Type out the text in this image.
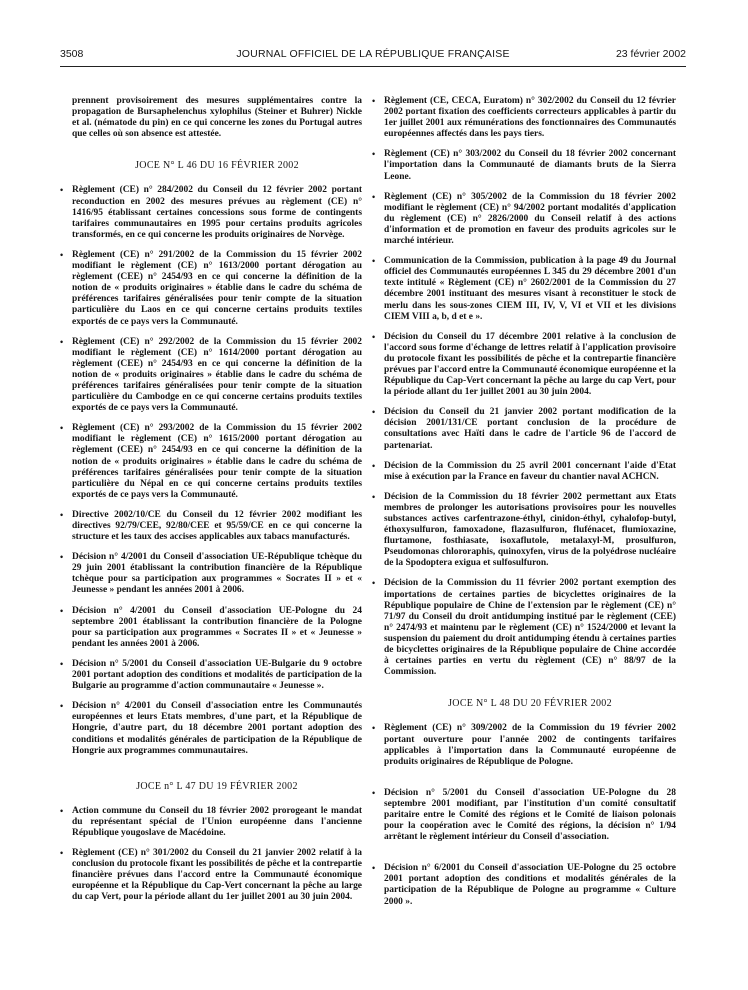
3508	JOURNAL OFFICIEL DE LA RÉPUBLIQUE FRANÇAISE	23 février 2002
prennent provisoirement des mesures supplémentaires contre la propagation de Bursaphelenchus xylophilus (Steiner et Buhrer) Nickle et al. (nématode du pin) en ce qui concerne les zones du Portugal autres que celles où son absence est attestée.
JOCE N° L 46 DU 16 FÉVRIER 2002
• Règlement (CE) n° 284/2002 du Conseil du 12 février 2002 portant reconduction en 2002 des mesures prévues au règlement (CE) n° 1416/95 établissant certaines concessions sous forme de contingents tarifaires communautaires en 1995 pour certains produits agricoles transformés, en ce qui concerne les produits originaires de Norvège.
• Règlement (CE) n° 291/2002 de la Commission du 15 février 2002 modifiant le règlement (CE) n° 1613/2000 portant dérogation au règlement (CEE) n° 2454/93 en ce qui concerne la définition de la notion de « produits originaires » établie dans le cadre du schéma de préférences tarifaires généralisées pour tenir compte de la situation particulière du Laos en ce qui concerne certains produits textiles exportés de ce pays vers la Communauté.
• Règlement (CE) n° 292/2002 de la Commission du 15 février 2002 modifiant le règlement (CE) n° 1614/2000 portant dérogation au règlement (CEE) n° 2454/93 en ce qui concerne la définition de la notion de « produits originaires » établie dans le cadre du schéma de préférences tarifaires généralisées pour tenir compte de la situation particulière du Cambodge en ce qui concerne certains produits textiles exportés de ce pays vers la Communauté.
• Règlement (CE) n° 293/2002 de la Commission du 15 février 2002 modifiant le règlement (CE) n° 1615/2000 portant dérogation au règlement (CEE) n° 2454/93 en ce qui concerne la définition de la notion de « produits originaires » établie dans le cadre du schéma de préférences tarifaires généralisées pour tenir compte de la situation particulière du Népal en ce qui concerne certains produits textiles exportés de ce pays vers la Communauté.
• Directive 2002/10/CE du Conseil du 12 février 2002 modifiant les directives 92/79/CEE, 92/80/CEE et 95/59/CE en ce qui concerne la structure et les taux des accises applicables aux tabacs manufacturés.
• Décision n° 4/2001 du Conseil d'association UE-République tchèque du 29 juin 2001 établissant la contribution financière de la République tchèque pour sa participation aux programmes « Socrates II » et « Jeunesse » pendant les années 2001 à 2006.
• Décision n° 4/2001 du Conseil d'association UE-Pologne du 24 septembre 2001 établissant la contribution financière de la Pologne pour sa participation aux programmes « Socrates II » et « Jeunesse » pendant les années 2001 à 2006.
• Décision n° 5/2001 du Conseil d'association UE-Bulgarie du 9 octobre 2001 portant adoption des conditions et modalités de participation de la Bulgarie au programme d'action communautaire « Jeunesse ».
• Décision n° 4/2001 du Conseil d'association entre les Communautés européennes et leurs Etats membres, d'une part, et la République de Hongrie, d'autre part, du 18 décembre 2001 portant adoption des conditions et modalités générales de participation de la République de Hongrie aux programmes communautaires.
JOCE n° L 47 DU 19 FÉVRIER 2002
• Action commune du Conseil du 18 février 2002 prorogeant le mandat du représentant spécial de l'Union européenne dans l'ancienne République yougoslave de Macédoine.
• Règlement (CE) n° 301/2002 du Conseil du 21 janvier 2002 relatif à la conclusion du protocole fixant les possibilités de pêche et la contrepartie financière prévues dans l'accord entre la Communauté économique européenne et la République du Cap-Vert concernant la pêche au large du cap Vert, pour la période allant du 1er juillet 2001 au 30 juin 2004.
• Règlement (CE, CECA, Euratom) n° 302/2002 du Conseil du 12 février 2002 portant fixation des coefficients correcteurs applicables à partir du 1er juillet 2001 aux rémunérations des fonctionnaires des Communautés européennes affectés dans les pays tiers.
• Règlement (CE) n° 303/2002 du Conseil du 18 février 2002 concernant l'importation dans la Communauté de diamants bruts de la Sierra Leone.
• Règlement (CE) n° 305/2002 de la Commission du 18 février 2002 modifiant le règlement (CE) n° 94/2002 portant modalités d'application du règlement (CE) n° 2826/2000 du Conseil relatif à des actions d'information et de promotion en faveur des produits agricoles sur le marché intérieur.
• Communication de la Commission, publication à la page 49 du Journal officiel des Communautés européennes L 345 du 29 décembre 2001 d'un texte intitulé « Règlement (CE) n° 2602/2001 de la Commission du 27 décembre 2001 instituant des mesures visant à reconstituer le stock de merlu dans les sous-zones CIEM III, IV, V, VI et VII et les divisions CIEM VIII a, b, d et e ».
• Décision du Conseil du 17 décembre 2001 relative à la conclusion de l'accord sous forme d'échange de lettres relatif à l'application provisoire du protocole fixant les possibilités de pêche et la contrepartie financière prévues par l'accord entre la Communauté économique européenne et la République du Cap-Vert concernant la pêche au large du cap Vert, pour la période allant du 1er juillet 2001 au 30 juin 2004.
• Décision du Conseil du 21 janvier 2002 portant modification de la décision 2001/131/CE portant conclusion de la procédure de consultations avec Haïti dans le cadre de l'article 96 de l'accord de partenariat.
• Décision de la Commission du 25 avril 2001 concernant l'aide d'Etat mise à exécution par la France en faveur du chantier naval ACHCN.
• Décision de la Commission du 18 février 2002 permettant aux Etats membres de prolonger les autorisations provisoires pour les nouvelles substances actives carfentrazone-éthyl, cinidon-éthyl, cyhalofop-butyl, éthoxysulfuron, famoxadone, flazasulfuron, flufénacet, flumioxazine, flurtamone, fosthiasate, isoxaflutole, metalaxyl-M, prosulfuron, Pseudomonas chlororaphis, quinoxyfen, virus de la polyédrose nucléaire de la Spodoptera exigua et sulfosulfuron.
• Décision de la Commission du 11 février 2002 portant exemption des importations de certaines parties de bicyclettes originaires de la République populaire de Chine de l'extension par le règlement (CE) n° 71/97 du Conseil du droit antidumping institué par le règlement (CEE) n° 2474/93 et maintenu par le règlement (CE) n° 1524/2000 et levant la suspension du paiement du droit antidumping étendu à certaines parties de bicyclettes originaires de la République populaire de Chine accordée à certaines parties en vertu du règlement (CE) n° 88/97 de la Commission.
JOCE N° L 48 DU 20 FÉVRIER 2002
• Règlement (CE) n° 309/2002 de la Commission du 19 février 2002 portant ouverture pour l'année 2002 de contingents tarifaires applicables à l'importation dans la Communauté européenne de produits originaires de République de Pologne.
• Décision n° 5/2001 du Conseil d'association UE-Pologne du 28 septembre 2001 modifiant, par l'institution d'un comité consultatif paritaire entre le Comité des régions et le Comité de liaison polonais pour la coopération avec le Comité des régions, la décision n° 1/94 arrêtant le règlement intérieur du Conseil d'association.
• Décision n° 6/2001 du Conseil d'association UE-Pologne du 25 octobre 2001 portant adoption des conditions et modalités générales de la participation de la République de Pologne au programme « Culture 2000 ».
